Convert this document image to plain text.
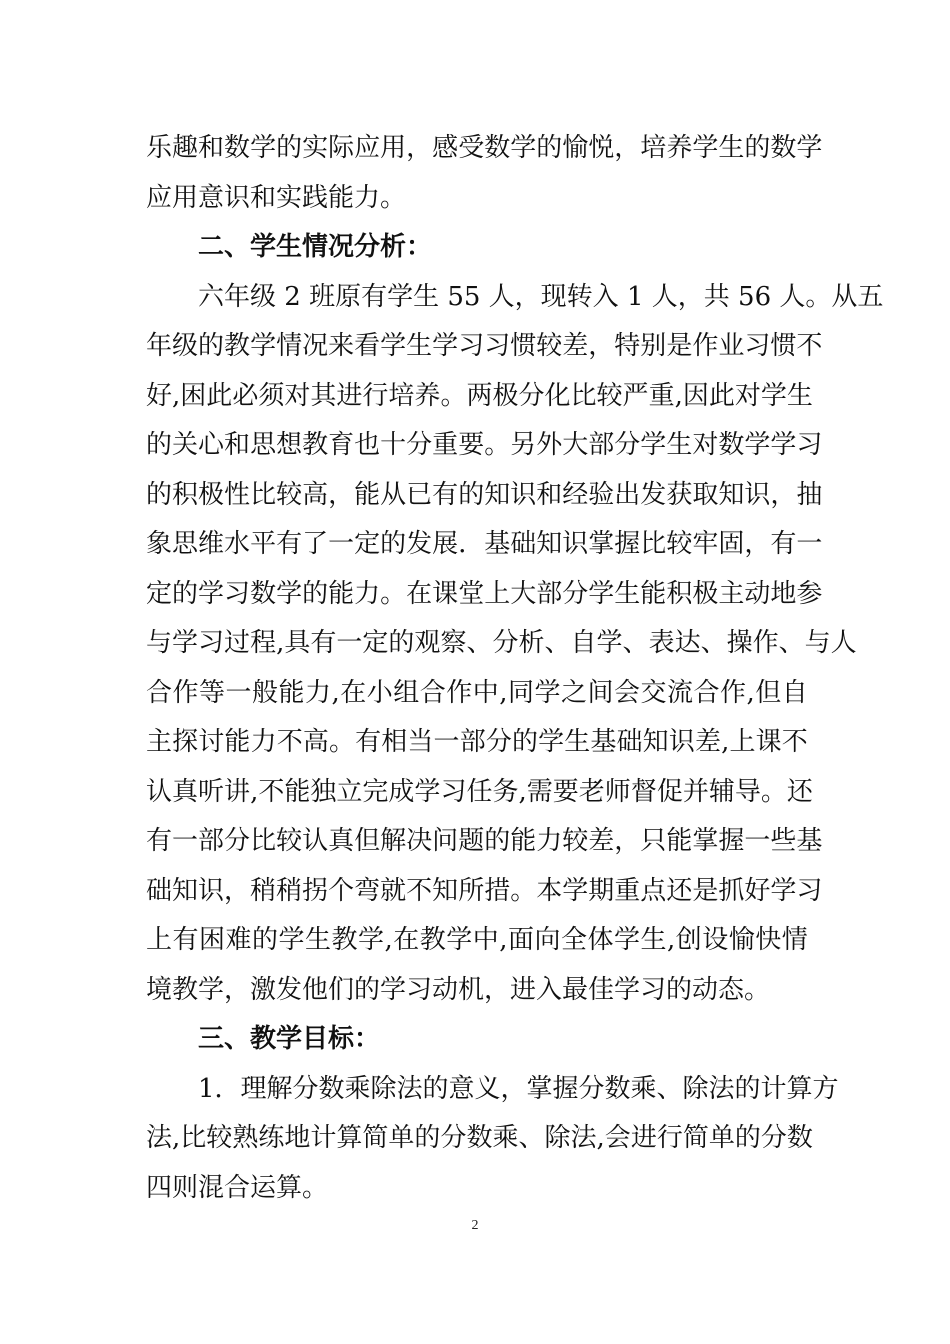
乐 趣 和 数 学 的 实 际 应 用 ， 感 受 数 学 的 愉 悦 ， 培 养 学 生 的 数 学
应用意识和实践能力。
二、学生情况分析：
六年级 2 班原有学生 55 人，现转入 1 人，共 56 人。从五
年 级 的 教 学 情 况 来 看 学 生 学 习 习 惯 较 差 ， 特 别 是 作 业 习 惯 不
好 , 困 此 必 须 对 其 进 行 培 养 。 两 极 分 化 比 较 严 重 , 因 此 对 学 生
的 关 心 和 思 想 教 育 也 十 分 重 要 。 另 外 大 部 分 学 生 对 数 学 学 习
的 积 极 性 比 较 高 ， 能 从 已 有 的 知 识 和 经 验 出 发 获 取 知 识 ， 抽
象 思 维 水 平 有 了 一 定 的 发 展 ． 基 础 知 识 掌 握 比 较 牢 固 ， 有 一
定 的 学 习 数 学 的 能 力 。 在 课 堂 上 大 部 分 学 生 能 积 极 主 动 地 参
与 学 习 过 程 , 具 有 一 定 的 观 察 、 分 析 、 自 学 、 表 达 、 操 作 、 与 人
合 作 等 一 般 能 力 , 在 小 组 合 作 中 , 同 学 之 间 会 交 流 合 作 , 但 自
主 探 讨 能 力 不 高 。 有 相 当 一 部 分 的 学 生 基 础 知 识 差 , 上 课 不
认 真 听 讲 , 不 能 独 立 完 成 学 习 任 务 , 需 要 老 师 督 促 并 辅 导 。 还
有 一 部 分 比 较 认 真 但 解 决 问 题 的 能 力 较 差 ， 只 能 掌 握 一 些 基
础 知 识 ， 稍 稍 拐 个 弯 就 不 知 所 措 。 本 学 期 重 点 还 是 抓 好 学 习
上 有 困 难 的 学 生 教 学 , 在 教 学 中 , 面 向 全 体 学 生 , 创 设 愉 快 情
境教学，激发他们的学习动机，进入最佳学习的动态。
三、教学目标：
1．理解分数乘除法的意义，掌握分数乘、除法的计算方
法 , 比 较 熟 练 地 计 算 简 单 的 分 数 乘 、 除 法 , 会 进 行 简 单 的 分 数
四则混合运算。
2
